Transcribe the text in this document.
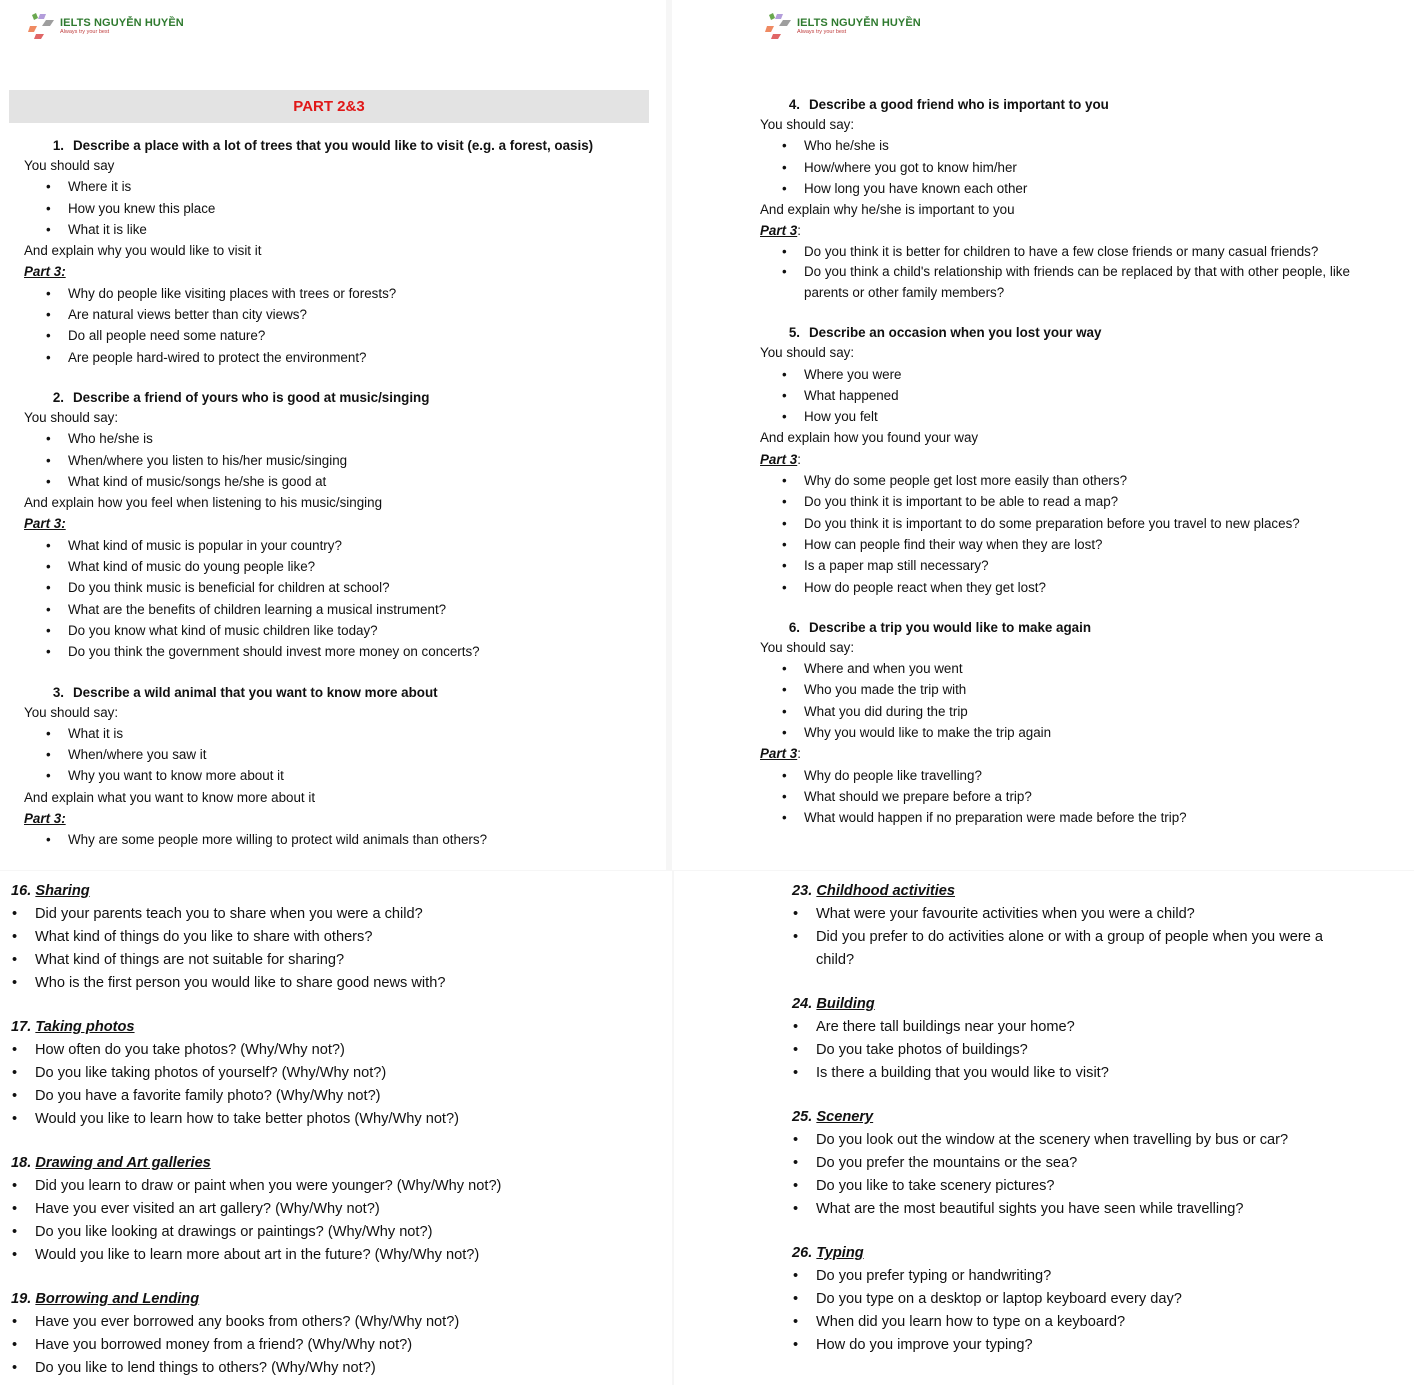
IELTS NGUYỄN HUYỀN
Always try your best
PART 2&3
1. Describe a place with a lot of trees that you would like to visit (e.g. a forest, oasis)
You should say
• Where it is
• How you knew this place
• What it is like
And explain why you would like to visit it
Part 3:
• Why do people like visiting places with trees or forests?
• Are natural views better than city views?
• Do all people need some nature?
• Are people hard-wired to protect the environment?
2. Describe a friend of yours who is good at music/singing
You should say:
• Who he/she is
• When/where you listen to his/her music/singing
• What kind of music/songs he/she is good at
And explain how you feel when listening to his music/singing
Part 3:
• What kind of music is popular in your country?
• What kind of music do young people like?
• Do you think music is beneficial for children at school?
• What are the benefits of children learning a musical instrument?
• Do you know what kind of music children like today?
• Do you think the government should invest more money on concerts?
3. Describe a wild animal that you want to know more about
You should say:
• What it is
• When/where you saw it
• Why you want to know more about it
And explain what you want to know more about it
Part 3:
• Why are some people more willing to protect wild animals than others?
IELTS NGUYỄN HUYỀN
Always try your best
4. Describe a good friend who is important to you
You should say:
• Who he/she is
• How/where you got to know him/her
• How long you have known each other
And explain why he/she is important to you
Part 3:
• Do you think it is better for children to have a few close friends or many casual friends?
• Do you think a child's relationship with friends can be replaced by that with other people, like parents or other family members?
5. Describe an occasion when you lost your way
You should say:
• Where you were
• What happened
• How you felt
And explain how you found your way
Part 3:
• Why do some people get lost more easily than others?
• Do you think it is important to be able to read a map?
• Do you think it is important to do some preparation before you travel to new places?
• How can people find their way when they are lost?
• Is a paper map still necessary?
• How do people react when they get lost?
6. Describe a trip you would like to make again
You should say:
• Where and when you went
• Who you made the trip with
• What you did during the trip
• Why you would like to make the trip again
Part 3:
• Why do people like travelling?
• What should we prepare before a trip?
• What would happen if no preparation were made before the trip?
16. Sharing
• Did your parents teach you to share when you were a child?
• What kind of things do you like to share with others?
• What kind of things are not suitable for sharing?
• Who is the first person you would like to share good news with?
17. Taking photos
• How often do you take photos? (Why/Why not?)
• Do you like taking photos of yourself? (Why/Why not?)
• Do you have a favorite family photo? (Why/Why not?)
• Would you like to learn how to take better photos (Why/Why not?)
18. Drawing and Art galleries
• Did you learn to draw or paint when you were younger? (Why/Why not?)
• Have you ever visited an art gallery? (Why/Why not?)
• Do you like looking at drawings or paintings? (Why/Why not?)
• Would you like to learn more about art in the future? (Why/Why not?)
19. Borrowing and Lending
• Have you ever borrowed any books from others? (Why/Why not?)
• Have you borrowed money from a friend? (Why/Why not?)
• Do you like to lend things to others? (Why/Why not?)
23. Childhood activities
• What were your favourite activities when you were a child?
• Did you prefer to do activities alone or with a group of people when you were a child?
24. Building
• Are there tall buildings near your home?
• Do you take photos of buildings?
• Is there a building that you would like to visit?
25. Scenery
• Do you look out the window at the scenery when travelling by bus or car?
• Do you prefer the mountains or the sea?
• Do you like to take scenery pictures?
• What are the most beautiful sights you have seen while travelling?
26. Typing
• Do you prefer typing or handwriting?
• Do you type on a desktop or laptop keyboard every day?
• When did you learn how to type on a keyboard?
• How do you improve your typing?
